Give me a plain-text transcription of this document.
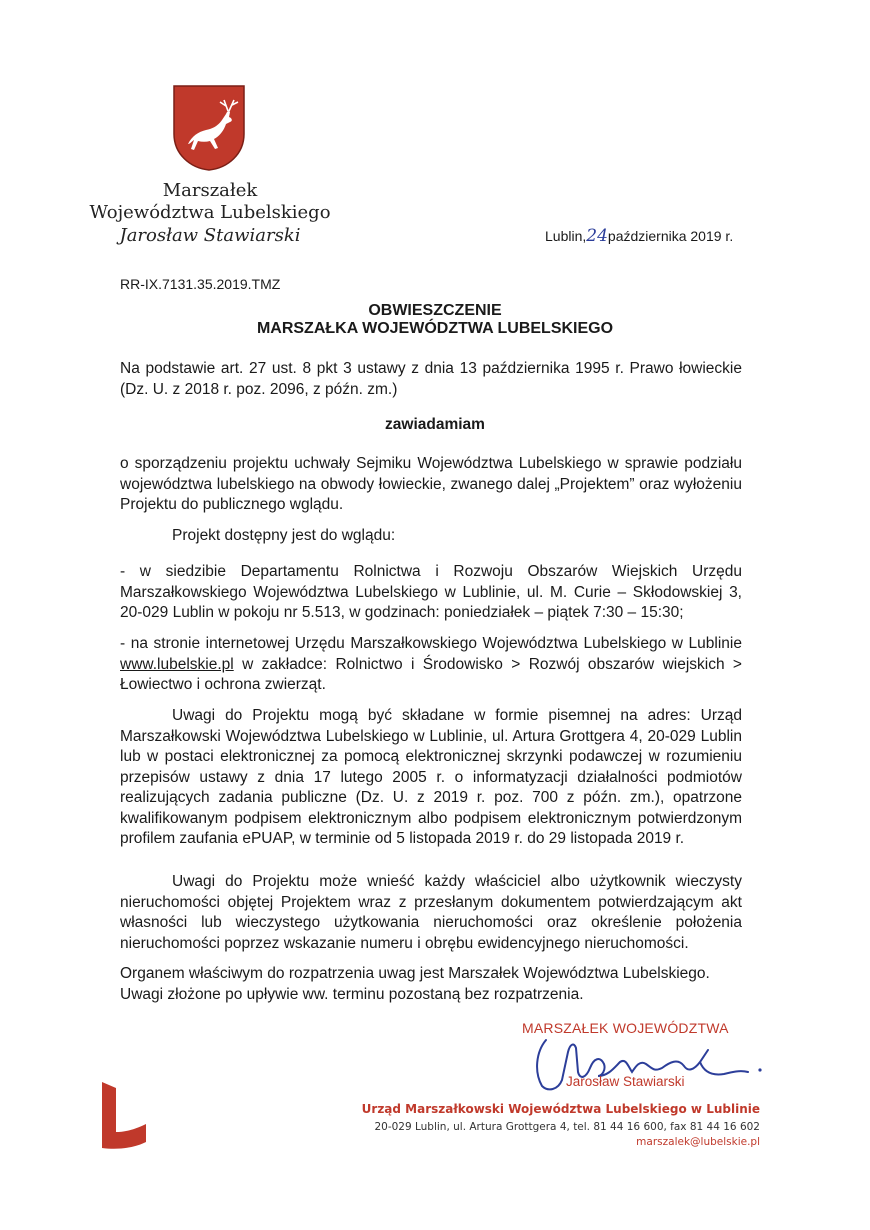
Marszałek
Województwa Lubelskiego
Jarosław Stawiarski	Lublin,24października 2019 r.
RR-IX.7131.35.2019.TMZ
OBWIESZCZENIE
MARSZAŁKA WOJEWÓDZTWA LUBELSKIEGO
Na podstawie art. 27 ust. 8 pkt 3 ustawy z dnia 13 października 1995 r. Prawo łowieckie (Dz. U. z 2018 r. poz. 2096, z późn. zm.)
zawiadamiam
o sporządzeniu projektu uchwały Sejmiku Województwa Lubelskiego w sprawie podziału województwa lubelskiego na obwody łowieckie, zwanego dalej „Projektem” oraz wyłożeniu Projektu do publicznego wglądu.
Projekt dostępny jest do wglądu:
- w siedzibie Departamentu Rolnictwa i Rozwoju Obszarów Wiejskich Urzędu Marszałkowskiego Województwa Lubelskiego w Lublinie, ul. M. Curie – Skłodowskiej 3, 20-029 Lublin w pokoju nr 5.513, w godzinach: poniedziałek – piątek 7:30 – 15:30;
- na stronie internetowej Urzędu Marszałkowskiego Województwa Lubelskiego w Lublinie www.lubelskie.pl w zakładce: Rolnictwo i Środowisko > Rozwój obszarów wiejskich > Łowiectwo i ochrona zwierząt.
Uwagi do Projektu mogą być składane w formie pisemnej na adres: Urząd Marszałkowski Województwa Lubelskiego w Lublinie, ul. Artura Grottgera 4, 20-029 Lublin lub w postaci elektronicznej za pomocą elektronicznej skrzynki podawczej w rozumieniu przepisów ustawy z dnia 17 lutego 2005 r. o informatyzacji działalności podmiotów realizujących zadania publiczne (Dz. U. z 2019 r. poz. 700 z późn. zm.), opatrzone kwalifikowanym podpisem elektronicznym albo podpisem elektronicznym potwierdzonym profilem zaufania ePUAP, w terminie od 5 listopada 2019 r. do 29 listopada 2019 r.
Uwagi do Projektu może wnieść każdy właściciel albo użytkownik wieczysty nieruchomości objętej Projektem wraz z przesłanym dokumentem potwierdzającym akt własności lub wieczystego użytkowania nieruchomości oraz określenie położenia nieruchomości poprzez wskazanie numeru i obrębu ewidencyjnego nieruchomości.
Organem właściwym do rozpatrzenia uwag jest Marszałek Województwa Lubelskiego.
Uwagi złożone po upływie ww. terminu pozostaną bez rozpatrzenia.
MARSZAŁEK WOJEWÓDZTWA
Jarosław Stawiarski
Urząd Marszałkowski Województwa Lubelskiego w Lublinie
20-029 Lublin, ul. Artura Grottgera 4, tel. 81 44 16 600, fax 81 44 16 602
marszalek@lubelskie.pl
